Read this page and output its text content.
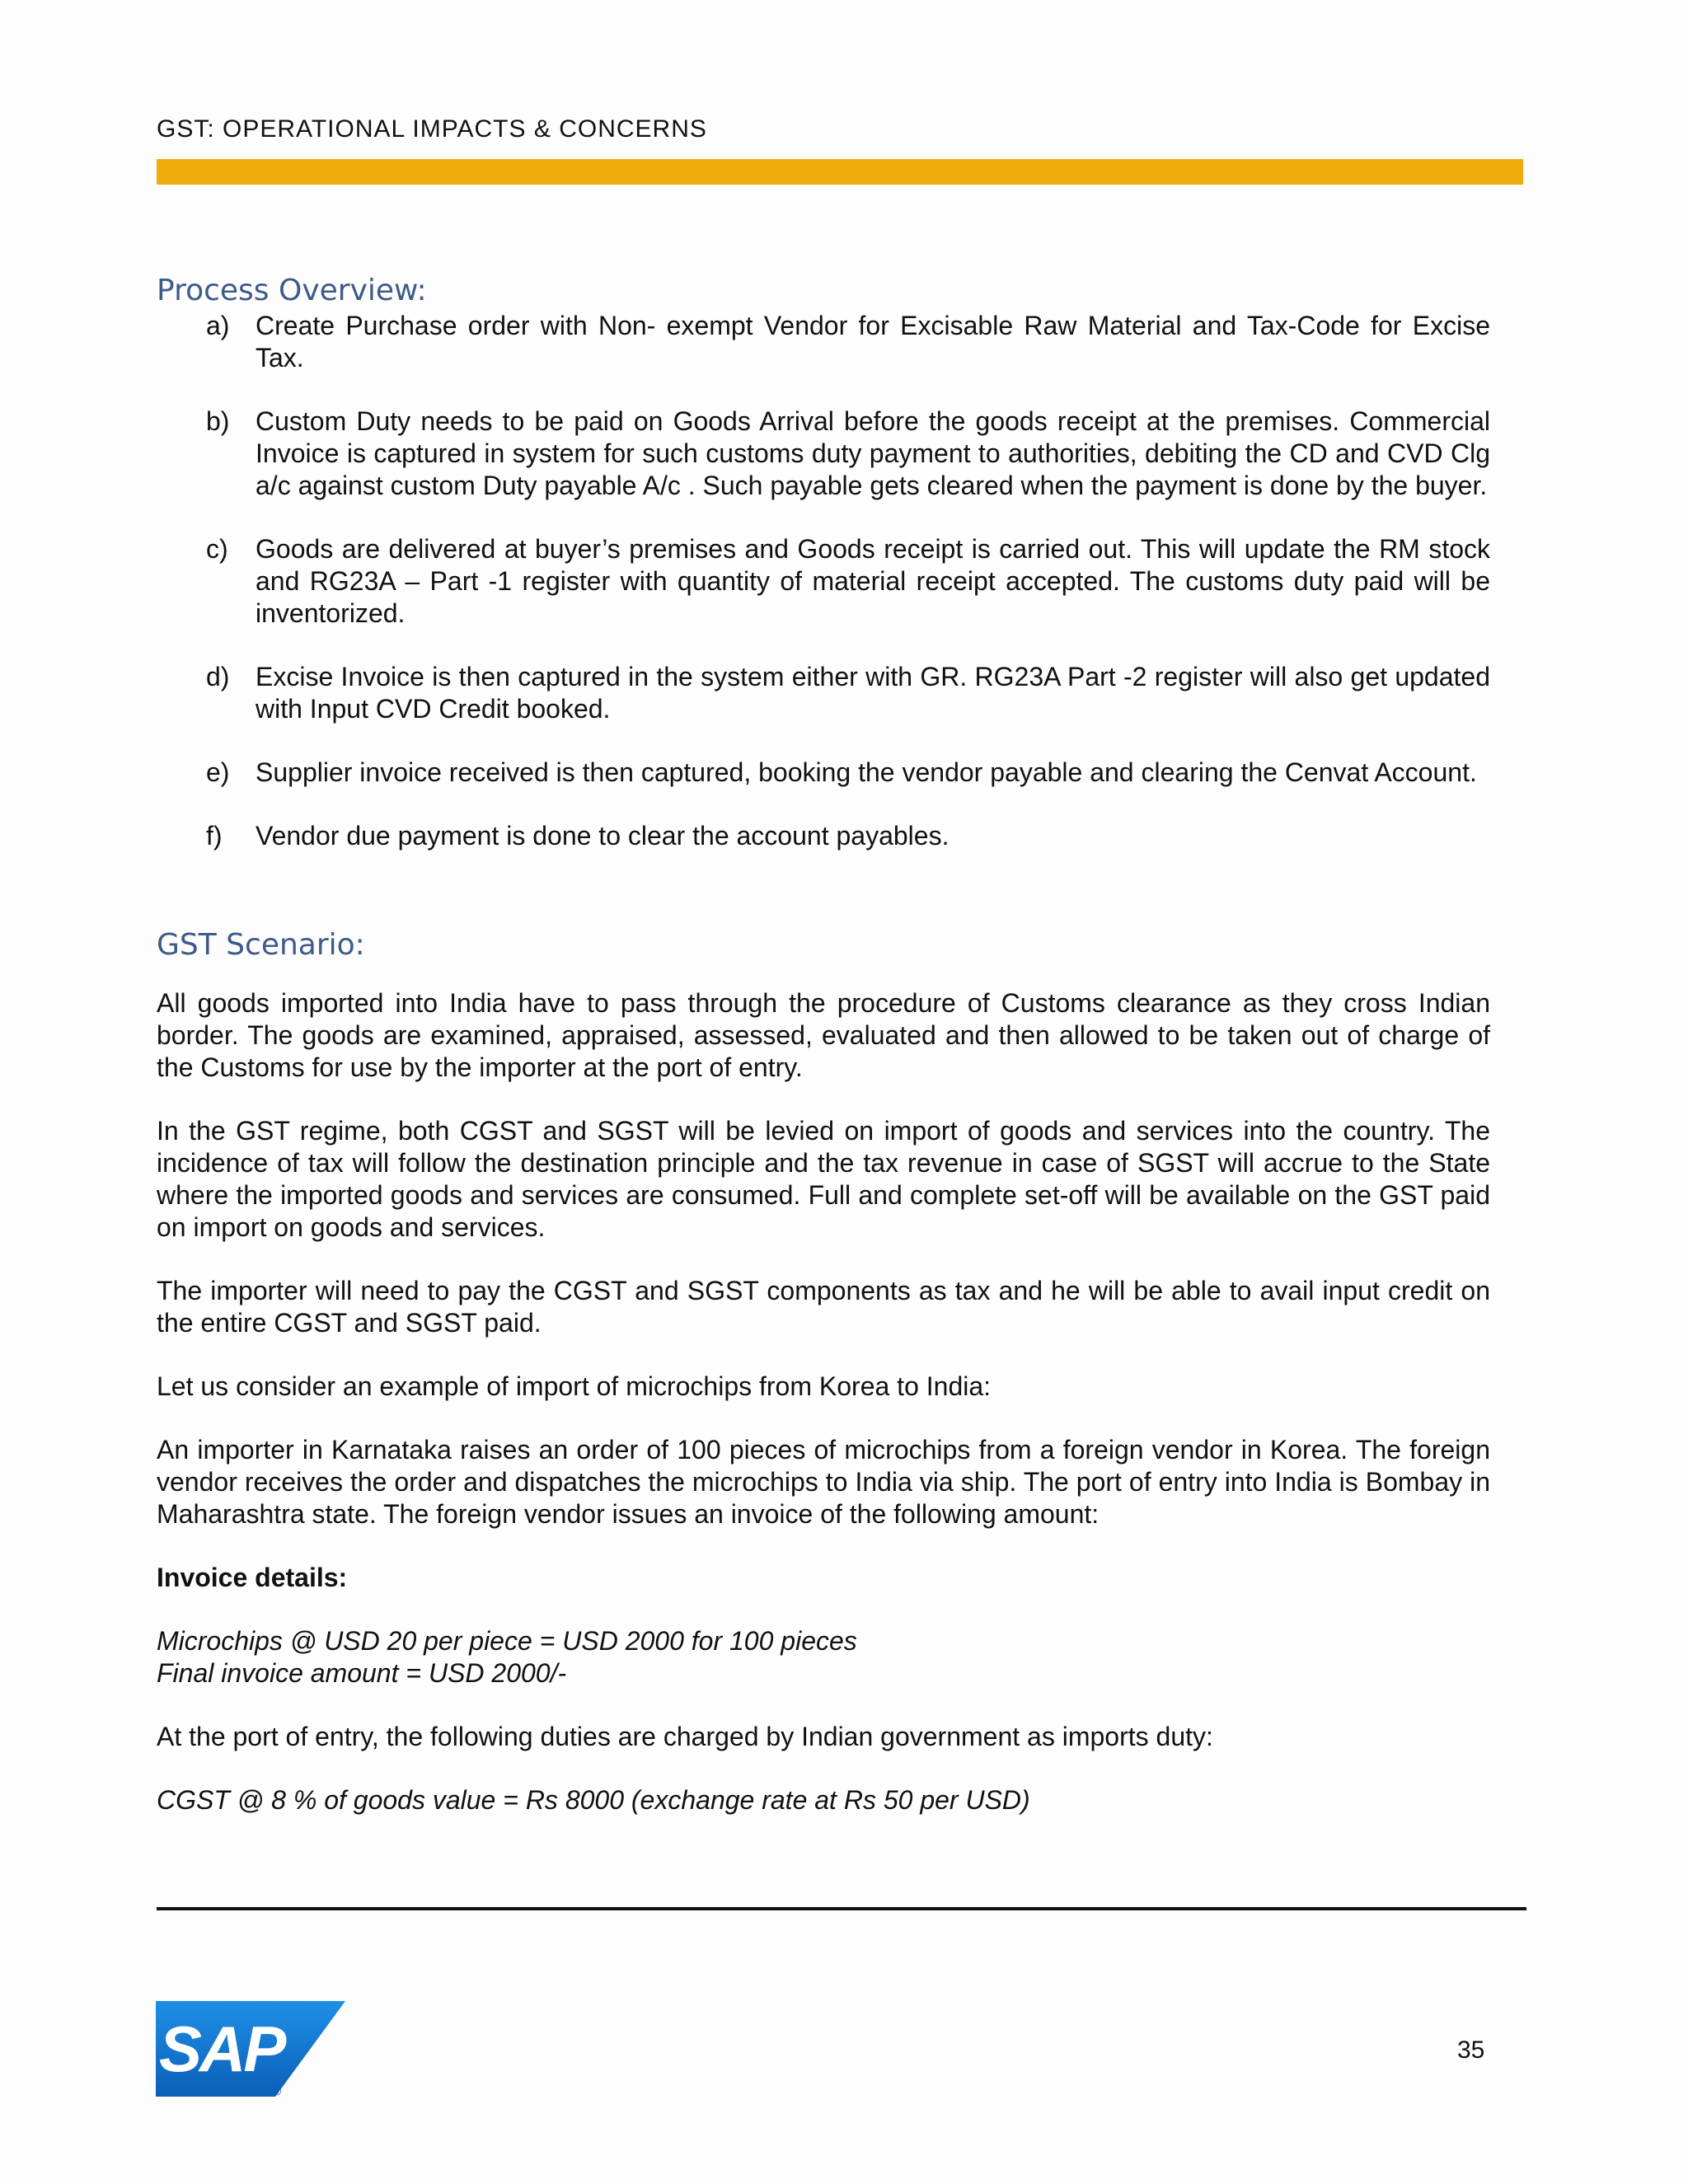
GST: OPERATIONAL IMPACTS & CONCERNS
Process Overview:
a) Create Purchase order with Non- exempt Vendor for Excisable Raw Material and Tax-Code for Excise Tax.
b) Custom Duty needs to be paid on Goods Arrival before the goods receipt at the premises. Commercial Invoice is captured in system for such customs duty payment to authorities, debiting the CD and CVD Clg a/c against custom Duty payable A/c . Such payable gets cleared when the payment is done by the buyer.
c)	Goods are delivered at buyer’s premises and Goods receipt is carried out. This will update the RM stock and RG23A – Part -1 register with quantity of material receipt accepted. The customs duty paid will be inventorized.
d) Excise Invoice is then captured in the system either with GR. RG23A Part -2 register will also get updated with Input CVD Credit booked.
e) Supplier invoice received is then captured, booking the vendor payable and clearing the Cenvat Account.
f)	Vendor due payment is done to clear the account payables.
GST Scenario:

All goods imported into India have to pass through the procedure of Customs clearance as they cross Indian border. The goods are examined, appraised, assessed, evaluated and then allowed to be taken out of charge of the Customs for use by the importer at the port of entry.

In the GST regime, both CGST and SGST will be levied on import of goods and services into the country. The incidence of tax will follow the destination principle and the tax revenue in case of SGST will accrue to the State where the imported goods and services are consumed. Full and complete set-off will be available on the GST paid on import on goods and services.

The importer will need to pay the CGST and SGST components as tax and he will be able to avail input credit on the entire CGST and SGST paid.

Let us consider an example of import of microchips from Korea to India:

An importer in Karnataka raises an order of 100 pieces of microchips from a foreign vendor in Korea. The foreign vendor receives the order and dispatches the microchips to India via ship. The port of entry into India is Bombay in Maharashtra state. The foreign vendor issues an invoice of the following amount:

Invoice details:

Microchips @ USD 20 per piece = USD 2000 for 100 pieces
Final invoice amount = USD 2000/-

At the port of entry, the following duties are charged by Indian government as imports duty:

CGST @ 8 % of goods value = Rs 8000 (exchange rate at Rs 50 per USD)

SAP
®
35
